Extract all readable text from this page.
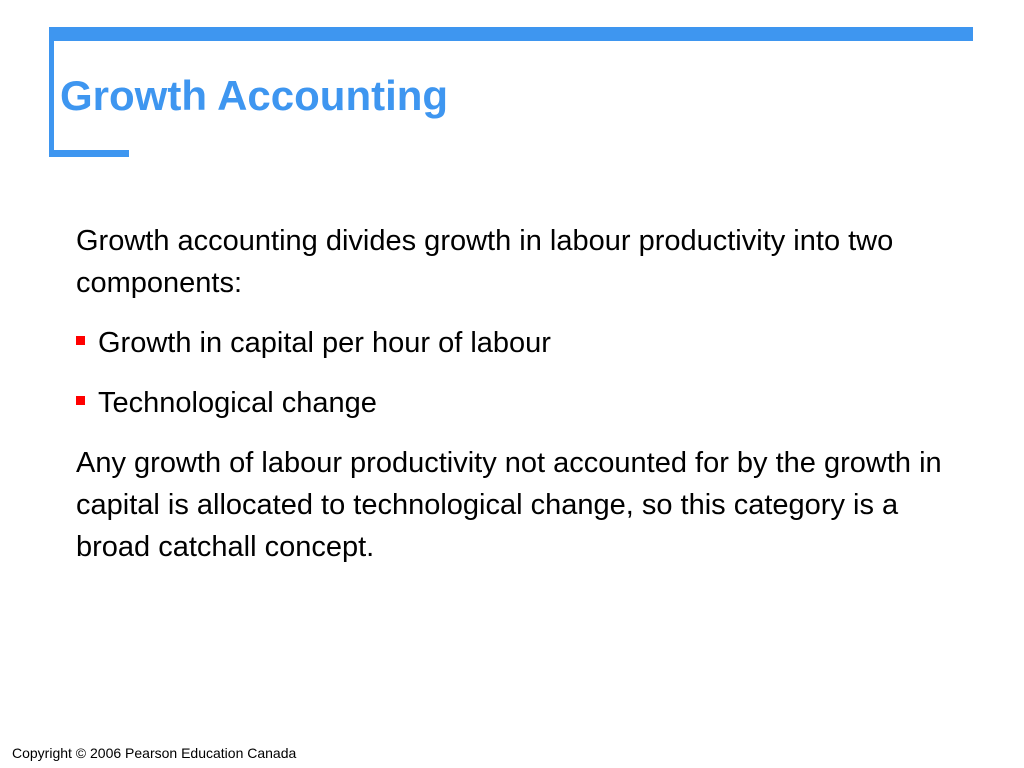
Growth Accounting

Growth accounting divides growth in labour productivity into two components:

Growth in capital per hour of labour
Technological change

Any growth of labour productivity not accounted for by the growth in capital is allocated to technological change, so this category is a broad catchall concept.

Copyright © 2006 Pearson Education Canada
